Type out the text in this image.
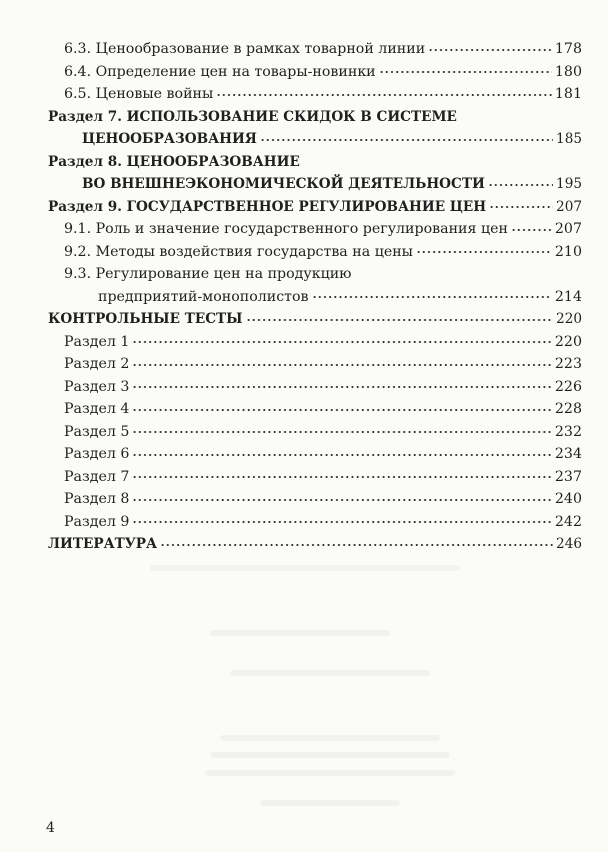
6.3. Ценообразование в рамках товарной линии	178
6.4. Определение цен на товары-новинки	180
6.5. Ценовые войны	181
Раздел 7. ИСПОЛЬЗОВАНИЕ СКИДОК В СИСТЕМЕ
ЦЕНООБРАЗОВАНИЯ	185
Раздел 8. ЦЕНООБРАЗОВАНИЕ
ВО ВНЕШНЕЭКОНОМИЧЕСКОЙ ДЕЯТЕЛЬНОСТИ	195
Раздел 9. ГОСУДАРСТВЕННОЕ РЕГУЛИРОВАНИЕ ЦЕН	207
9.1. Роль и значение государственного регулирования цен	207
9.2. Методы воздействия государства на цены	210
9.3. Регулирование цен на продукцию
предприятий-монополистов	214
КОНТРОЛЬНЫЕ ТЕСТЫ	220
Раздел 1	220
Раздел 2	223
Раздел 3	226
Раздел 4	228
Раздел 5	232
Раздел 6	234
Раздел 7	237
Раздел 8	240
Раздел 9	242
ЛИТЕРАТУРА	246
4
